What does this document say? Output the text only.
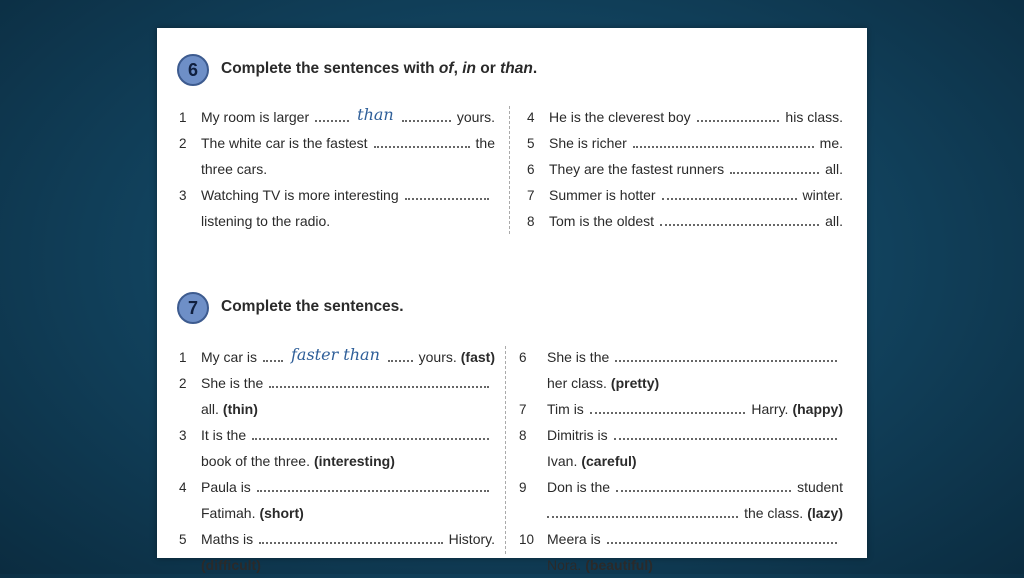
6	Complete the sentences with of, in or than.
1	My room is larger	than	yours.
2	The white car is the fastest	the
three cars.
3	Watching TV is more interesting
listening to the radio.
4	He is the cleverest boy	his class.
5	She is richer	me.
6	They are the fastest runners	all.
7	Summer is hotter	winter.
8	Tom is the oldest	all.
7	Complete the sentences.
1	My car is faster than	yours. (fast)
2	She is the
all. (thin)
3	It is the
book of the three. (interesting)
4	Paula is
Fatimah. (short)
5	Maths is	History.
(difficult)
6	She is the
her class. (pretty)
7	Tim is	Harry. (happy)
8	Dimitris is
Ivan. (careful)
9	Don is the	student
the class. (lazy)
10 Meera is
Nora. (beautiful)
